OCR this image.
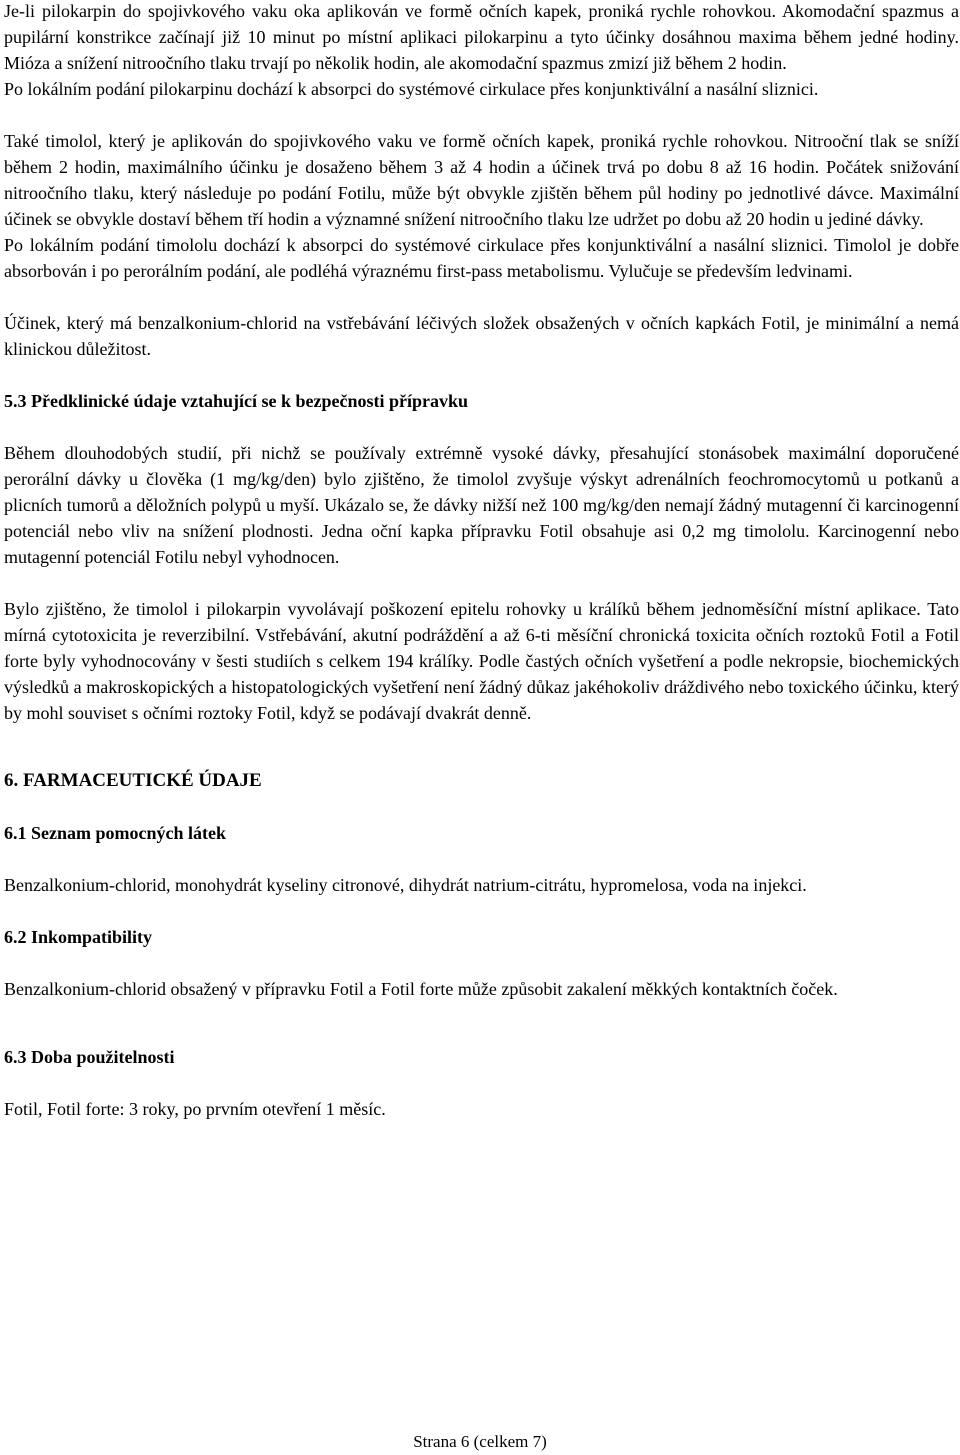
Je-li pilokarpin do spojivkového vaku oka aplikován ve formě očních kapek, proniká rychle rohovkou. Akomodační spazmus a pupilární konstrikce začínají již 10 minut po místní aplikaci pilokarpinu a tyto účinky dosáhnou maxima během jedné hodiny. Mióza a snížení nitroočního tlaku trvají po několik hodin, ale akomodační spazmus zmizí již během 2 hodin.

Po lokálním podání pilokarpinu dochází k absorpci do systémové cirkulace přes konjunktivální a nasální sliznici.

Také timolol, který je aplikován do spojivkového vaku ve formě očních kapek, proniká rychle rohovkou. Nitrooční tlak se sníží během 2 hodin, maximálního účinku je dosaženo během 3 až 4 hodin a účinek trvá po dobu 8 až 16 hodin. Počátek snižování nitroočního tlaku, který následuje po podání Fotilu, může být obvykle zjištěn během půl hodiny po jednotlivé dávce. Maximální účinek se obvykle dostaví během tří hodin a významné snížení nitroočního tlaku lze udržet po dobu až 20 hodin u jediné dávky.

Po lokálním podání timololu dochází k absorpci do systémové cirkulace přes konjunktivální a nasální sliznici. Timolol je dobře absorbován i po perorálním podání, ale podléhá výraznému first-pass metabolismu. Vylučuje se především ledvinami.

Účinek, který má benzalkonium-chlorid na vstřebávání léčivých složek obsažených v očních kapkách Fotil, je minimální a nemá klinickou důležitost.

5.3 Předklinické údaje vztahující se k bezpečnosti přípravku

Během dlouhodobých studií, při nichž se používaly extrémně vysoké dávky, přesahující stonásobek maximální doporučené perorální dávky u člověka (1 mg/kg/den) bylo zjištěno, že timolol zvyšuje výskyt adrenálních feochromocytomů u potkanů a plicních tumorů a děložních polypů u myší. Ukázalo se, že dávky nižší než 100 mg/kg/den nemají žádný mutagenní či karcinogenní potenciál nebo vliv na snížení plodnosti. Jedna oční kapka přípravku Fotil obsahuje asi 0,2 mg timololu. Karcinogenní nebo mutagenní potenciál Fotilu nebyl vyhodnocen.

Bylo zjištěno, že timolol i pilokarpin vyvolávají poškození epitelu rohovky u králíků během jednoměsíční místní aplikace. Tato mírná cytotoxicita je reverzibilní. Vstřebávání, akutní podráždění a až 6-ti měsíční chronická toxicita očních roztoků Fotil a Fotil forte byly vyhodnocovány v šesti studiích s celkem 194 králíky. Podle častých očních vyšetření a podle nekropsie, biochemických výsledků a makroskopických a histopatologických vyšetření není žádný důkaz jakéhokoliv dráždivého nebo toxického účinku, který by mohl souviset s očními roztoky Fotil, když se podávají dvakrát denně.

6. FARMACEUTICKÉ ÚDAJE
6.1 Seznam pomocných látek

Benzalkonium-chlorid, monohydrát kyseliny citronové, dihydrát natrium-citrátu, hypromelosa, voda na injekci.

6.2 Inkompatibility

Benzalkonium-chlorid obsažený v přípravku Fotil a Fotil forte může způsobit zakalení měkkých kontaktních čoček.

6.3 Doba použitelnosti

Fotil, Fotil forte: 3 roky, po prvním otevření 1 měsíc.

Strana 6 (celkem 7)
